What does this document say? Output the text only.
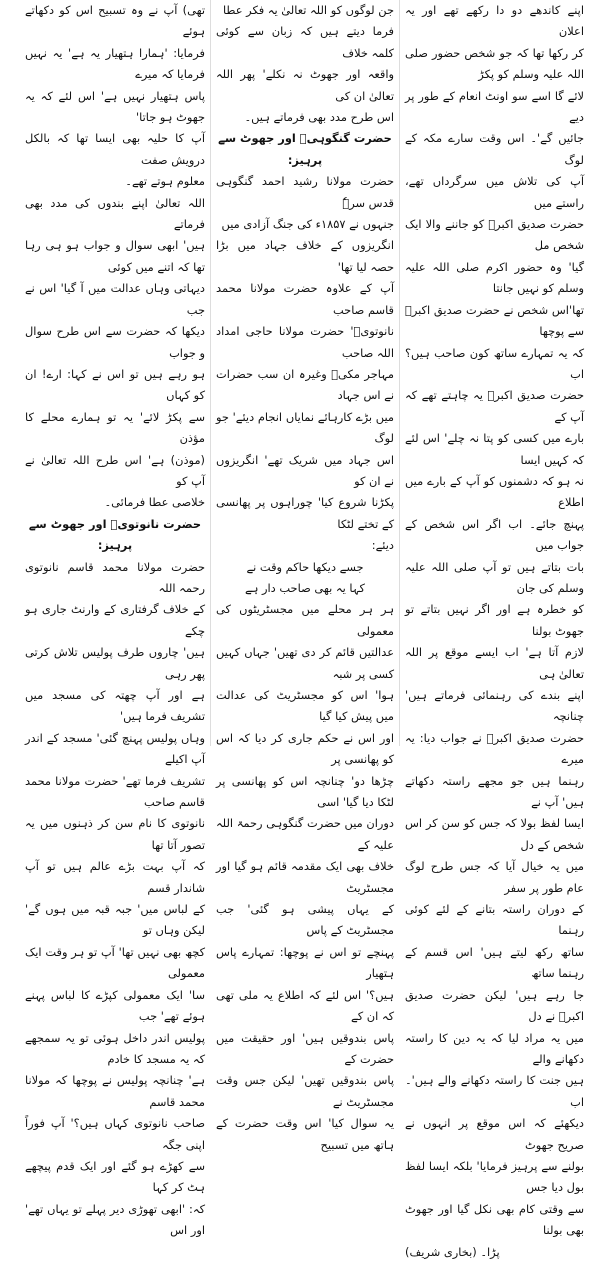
اپنے کاندھے دو دا رکھے تھے اور یہ اعلان

کر رکھا تھا کہ جو شخص حضور صلی اللہ علیہ وسلم کو پکڑ

لائے گا اسے سو اونٹ انعام کے طور پر دیے

جائیں گے'۔ اس وقت سارے مکہ کے لوگ

آپ کی تلاش میں سرگرداں تھے، راستے میں

حضرت صدیق اکبرؓ کو جاننے والا ایک شخص مل

گیا' وہ حضور اکرم صلی اللہ علیہ وسلم کو نہیں جانتا

تھا'اس شخص نے حضرت صدیق اکبرؓ سے پوچھا

کہ یہ تمہارے ساتھ کون صاحب ہیں؟ اب

حضرت صدیق اکبرؓ یہ چاہتے تھے کہ آپ کے

بارے میں کسی کو پتا نہ چلے' اس لئے کہ کہیں ایسا

نہ ہو کہ دشمنوں کو آپ کے بارے میں اطلاع

پہنچ جائے۔ اب اگر اس شخص کے جواب میں

بات بتاتے ہیں تو آپ صلی اللہ علیہ وسلم کی جان

کو خطرہ ہے اور اگر نہیں بتاتے تو جھوٹ بولنا

لازم آتا ہے' اب ایسے موقع پر اللہ تعالیٰ ہی

اپنے بندے کی رہنمائی فرماتے ہیں' چنانچہ

حضرت صدیق اکبرؓ نے جواب دیا: یہ میرے

رہنما ہیں جو مجھے راستہ دکھاتے ہیں' آپ نے

ایسا لفظ بولا کہ جس کو سن کر اس شخص کے دل

میں یہ خیال آیا کہ جس طرح لوگ عام طور پر سفر

کے دوران راستہ بتانے کے لئے کوئی رہنما

ساتھ رکھ لیتے ہیں' اس قسم کے رہنما ساتھ

جا رہے ہیں' لیکن حضرت صدیق اکبرؓ نے دل

میں یہ مراد لیا کہ یہ دین کا راستہ دکھانے والے

ہیں جنت کا راستہ دکھانے والے ہیں'۔ اب

دیکھئے کہ اس موقع پر انہوں نے صریح جھوٹ

بولنے سے پرہیز فرمایا' بلکہ ایسا لفظ بول دیا جس

سے وقتی کام بھی نکل گیا اور جھوٹ بھی بولنا

پڑا۔ (بخاری شریف)

جن لوگوں کو اللہ تعالیٰ یہ فکر عطا

فرما دیتے ہیں کہ زبان سے کوئی کلمہ خلاف

واقعہ اور جھوٹ نہ نکلے' پھر اللہ تعالیٰ ان کی

اس طرح مدد بھی فرماتے ہیں۔

حضرت گنگوہیؒ اور جھوٹ سے پرہیز:

حضرت مولانا رشید احمد گنگوہی قدس سرہٗ

جنہوں نے ۱۸۵۷ء کی جنگ آزادی میں

انگریزوں کے خلاف جہاد میں بڑا حصہ لیا تھا'

آپ کے علاوہ حضرت مولانا محمد قاسم صاحب

نانوتویؒ' حضرت مولانا حاجی امداد اللہ صاحب

مہاجر مکیؒ وغیرہ ان سب حضرات نے اس جہاد

میں بڑے کارہائے نمایاں انجام دیئے' جو لوگ

اس جہاد میں شریک تھے' انگریزوں نے ان کو

پکڑنا شروع کیا' چوراہوں پر پھانسی کے تختے لٹکا

دیئے:

جسے دیکھا حاکم وقت نے

کہا یہ بھی صاحب دار ہے

ہر ہر محلے میں مجسٹریٹوں کی معمولی

عدالتیں قائم کر دی تھیں' جہاں کہیں کسی پر شبہ

ہوا' اس کو مجسٹریٹ کی عدالت میں پیش کیا گیا

اور اس نے حکم جاری کر دیا کہ اس کو پھانسی پر

چڑھا دو' چنانچہ اس کو پھانسی پر لٹکا دیا گیا' اسی

دوران میں حضرت گنگوہی رحمۃ اللہ علیہ کے

خلاف بھی ایک مقدمہ قائم ہو گیا اور مجسٹریٹ

کے یہاں پیشی ہو گئی' جب مجسٹریٹ کے پاس

پہنچے تو اس نے پوچھا: تمہارے پاس ہتھیار

ہیں؟' اس لئے کہ اطلاع یہ ملی تھی کہ ان کے

پاس بندوقیں ہیں' اور حقیقت میں حضرت کے

پاس بندوقیں تھیں' لیکن جس وقت مجسٹریٹ نے

یہ سوال کیا' اس وقت حضرت کے ہاتھ میں تسبیح

تھی) آپ نے وہ تسبیح اس کو دکھاتے ہوئے

فرمایا: 'ہمارا ہتھیار یہ ہے' یہ نہیں فرمایا کہ میرے

پاس ہتھیار نہیں ہے' اس لئے کہ یہ جھوٹ ہو جاتا'

آپ کا حلیہ بھی ایسا تھا کہ بالکل درویش صفت

معلوم ہوتے تھے۔

اللہ تعالیٰ اپنے بندوں کی مدد بھی فرماتے

ہیں' ابھی سوال و جواب ہو ہی رہا تھا کہ اتنے میں کوئی

دیہاتی وہاں عدالت میں آ گیا' اس نے جب

دیکھا کہ حضرت سے اس طرح سوال و جواب

ہو رہے ہیں تو اس نے کہا: ارے! ان کو کہاں

سے پکڑ لائے' یہ تو ہمارے محلے کا مؤذن

(موذن) ہے' اس طرح اللہ تعالیٰ نے آپ کو

خلاصی عطا فرمائی۔

حضرت نانوتویؒ اور جھوٹ سے پرہیز:

حضرت مولانا محمد قاسم نانوتوی رحمہ اللہ

کے خلاف گرفتاری کے وارنٹ جاری ہو چکے

ہیں' چاروں طرف پولیس تلاش کرتی پھر رہی

ہے اور آپ چھتہ کی مسجد میں تشریف فرما ہیں'

وہاں پولیس پہنچ گئی' مسجد کے اندر آپ اکیلے

تشریف فرما تھے' حضرت مولانا محمد قاسم صاحب

نانوتوی کا نام سن کر ذہنوں میں یہ تصور آتا تھا

کہ آپ بہت بڑے عالم ہیں تو آپ شاندار قسم

کے لباس میں' جبہ قبہ میں ہوں گے' لیکن وہاں تو

کچھ بھی نہیں تھا' آپ تو ہر وقت ایک معمولی

سا' ایک معمولی کپڑے کا لباس پہنے ہوئے تھے' جب

پولیس اندر داخل ہوئی تو یہ سمجھے کہ یہ مسجد کا خادم

ہے' چنانچہ پولیس نے پوچھا کہ مولانا محمد قاسم

صاحب نانوتوی کہاں ہیں؟' آپ فوراً اپنی جگہ

سے کھڑے ہو گئے اور ایک قدم پیچھے ہٹ کر کہا

کہ: 'ابھی تھوڑی دیر پہلے تو یہاں تھے' اور اس
